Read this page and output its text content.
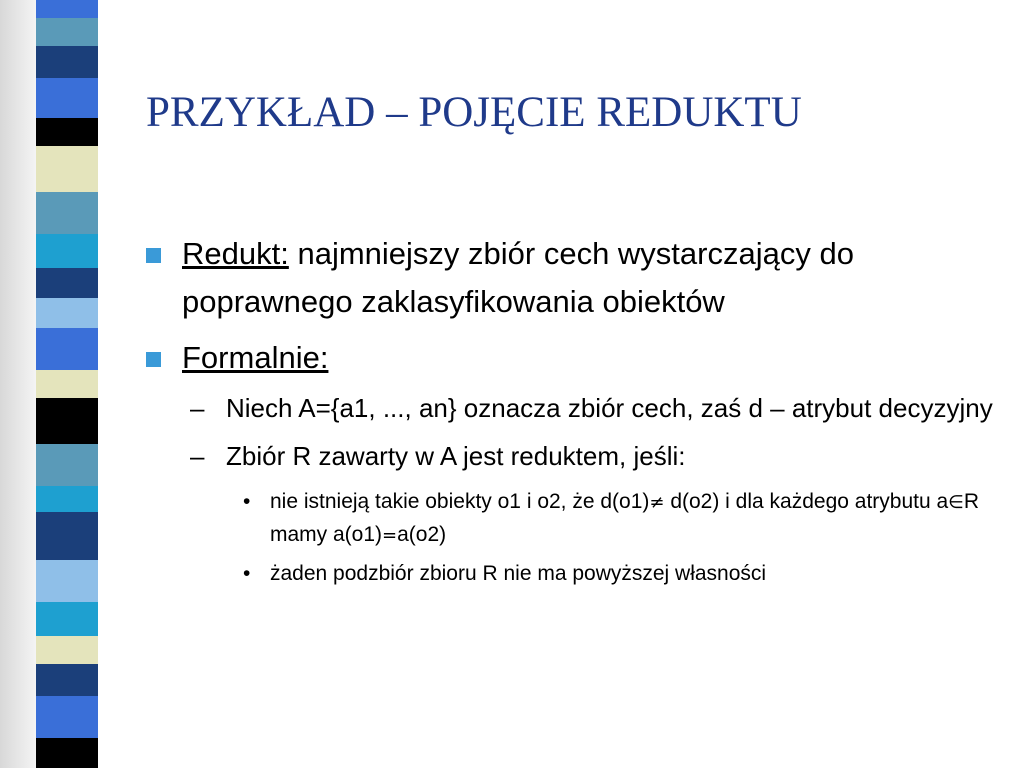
PRZYKŁAD – POJĘCIE REDUKTU
Redukt: najmniejszy zbiór cech wystarczający do poprawnego zaklasyfikowania obiektów
Formalnie:
– Niech A={a1, ..., an} oznacza zbiór cech, zaś d – atrybut decyzyjny
– Zbiór R zawarty w A jest reduktem, jeśli:
• nie istnieją takie obiekty o1 i o2, że d(o1)≠ d(o2) i dla każdego atrybutu a∈R mamy a(o1)=a(o2)
• żaden podzbiór zbioru R nie ma powyższej własności
